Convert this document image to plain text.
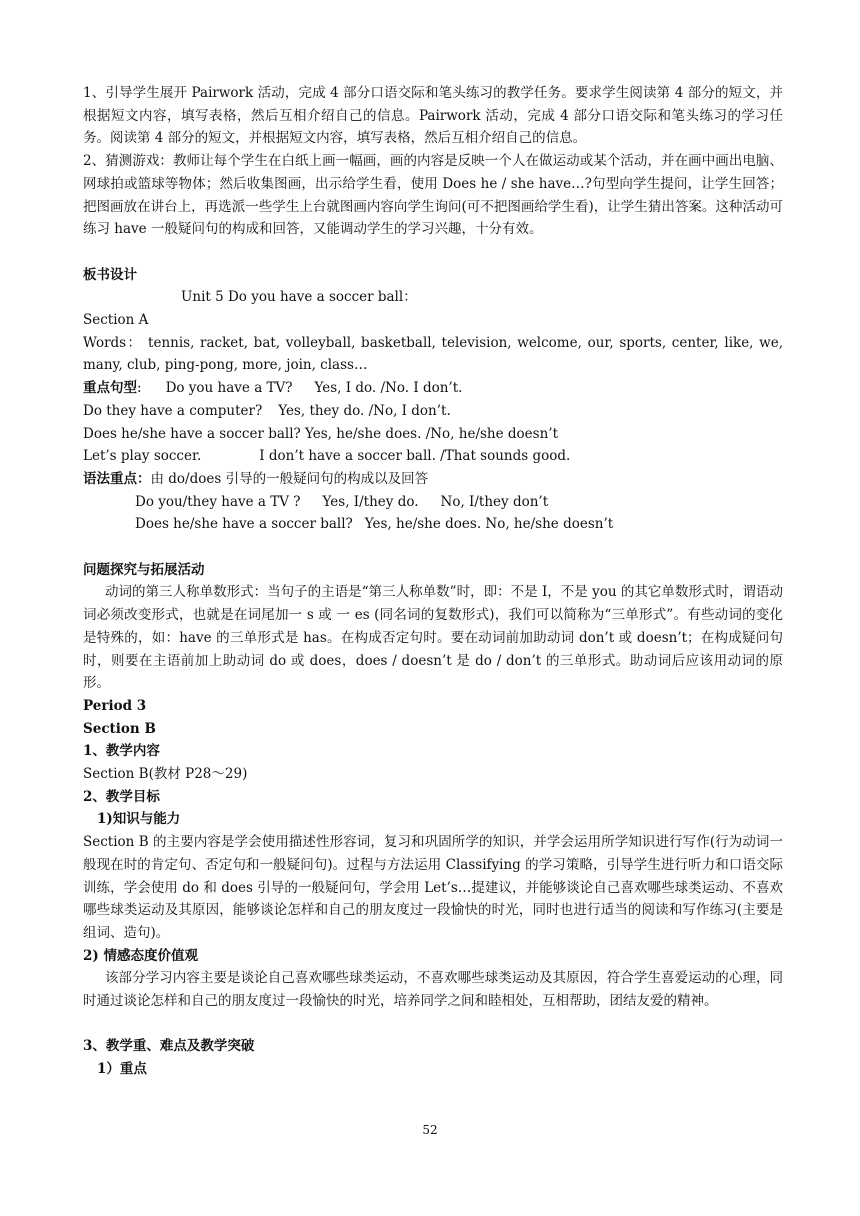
1、引导学生展开 Pairwork 活动，完成 4 部分口语交际和笔头练习的教学任务。要求学生阅读第 4 部分的短文，并根据短文内容，填写表格，然后互相介绍自己的信息。Pairwork 活动，完成 4 部分口语交际和笔头练习的学习任务。阅读第 4 部分的短文，并根据短文内容，填写表格，然后互相介绍自己的信息。

2、猜测游戏：教师让每个学生在白纸上画一幅画，画的内容是反映一个人在做运动或某个活动，并在画中画出电脑、网球拍或篮球等物体；然后收集图画，出示给学生看，使用 Does he / she have…?句型向学生提问，让学生回答；把图画放在讲台上，再选派一些学生上台就图画内容向学生询问(可不把图画给学生看)，让学生猜出答案。这种活动可练习 have 一般疑问句的构成和回答，又能调动学生的学习兴趣，十分有效。

板书设计

Unit 5 Do you have a soccer ball：

Section A

Words： tennis, racket, bat, volleyball, basketball, television, welcome, our, sports, center, like, we, many, club, ping-pong, more, join, class…

重点句型: Do you have a TV? Yes, I do. /No. I don’t.

Do they have a computer? Yes, they do. /No, I don’t.

Does he/she have a soccer ball? Yes, he/she does. /No, he/she doesn’t

Let’s play soccer.	I don’t have a soccer ball. /That sounds good.

语法重点：由 do/does 引导的一般疑问句的构成以及回答

Do you/they have a TV ? Yes, I/they do. No, I/they don’t

Does he/she have a soccer ball? Yes, he/she does. No, he/she doesn’t

问题探究与拓展活动

动词的第三人称单数形式：当句子的主语是“第三人称单数”时，即：不是 I，不是 you 的其它单数形式时，谓语动词必须改变形式，也就是在词尾加一 s 或 一 es (同名词的复数形式)，我们可以简称为“三单形式”。有些动词的变化是特殊的，如：have 的三单形式是 has。在构成否定句时。要在动词前加助动词 don’t 或 doesn’t；在构成疑问句时，则要在主语前加上助动词 do 或 does，does / doesn’t 是 do / don’t 的三单形式。助动词后应该用动词的原形。

Period 3

Section B

1、教学内容

Section B(教材 P28～29)

2、教学目标

1)知识与能力

Section B 的主要内容是学会使用描述性形容词，复习和巩固所学的知识，并学会运用所学知识进行写作(行为动词一般现在时的肯定句、否定句和一般疑问句)。过程与方法运用 Classifying 的学习策略，引导学生进行听力和口语交际训练，学会使用 do 和 does 引导的一般疑问句，学会用 Let’s…提建议，并能够谈论自己喜欢哪些球类运动、不喜欢哪些球类运动及其原因，能够谈论怎样和自己的朋友度过一段愉快的时光，同时也进行适当的阅读和写作练习(主要是组词、造句)。

2) 情感态度价值观

该部分学习内容主要是谈论自己喜欢哪些球类运动，不喜欢哪些球类运动及其原因，符合学生喜爱运动的心理，同时通过谈论怎样和自己的朋友度过一段愉快的时光，培养同学之间和睦相处，互相帮助，团结友爱的精神。

3、教学重、难点及教学突破

1）重点

52
